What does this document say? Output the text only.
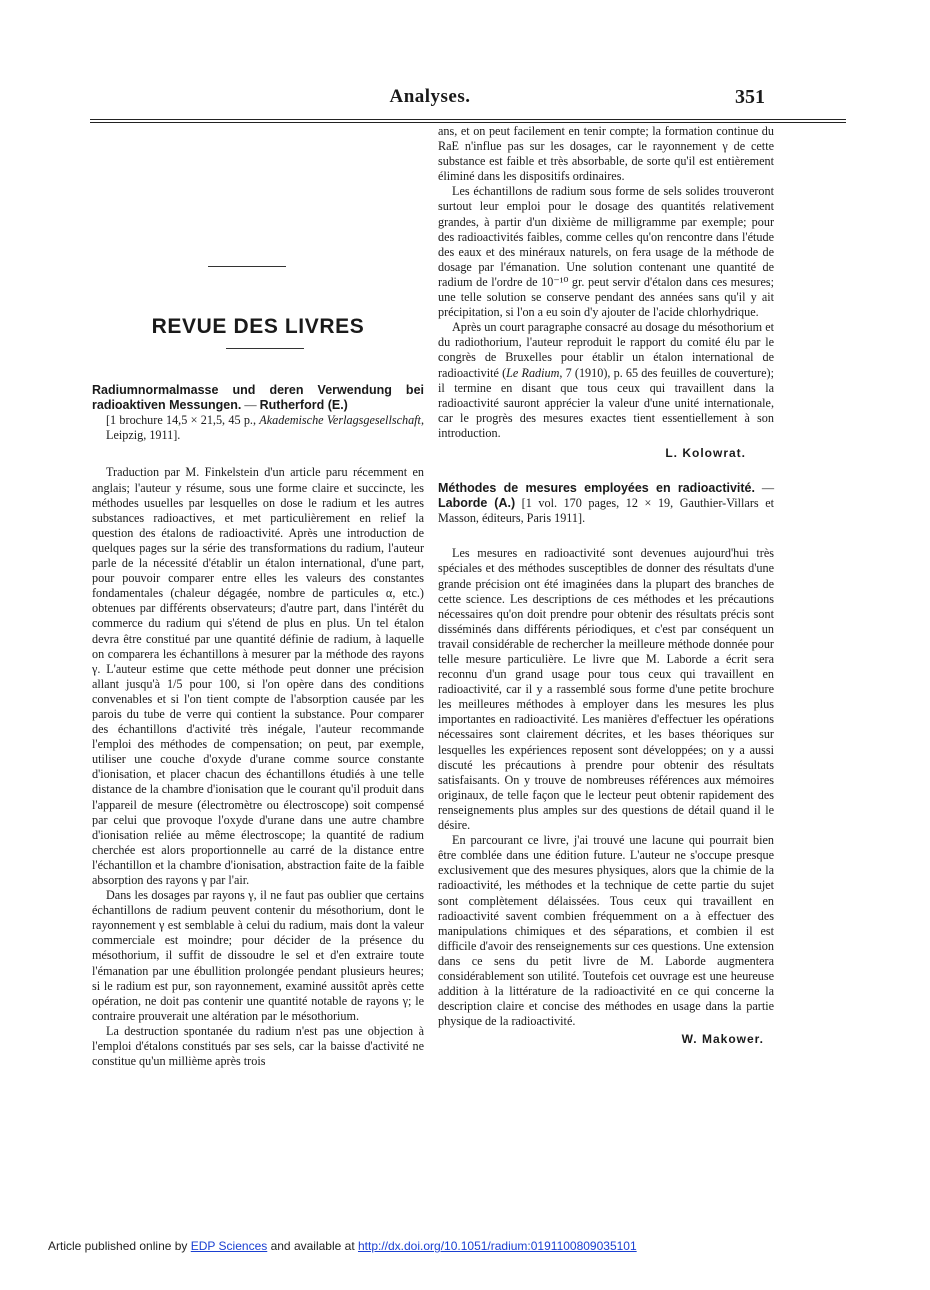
Analyses.	351
REVUE DES LIVRES

Radiumnormalmasse und deren Verwendung bei radioaktiven Messungen. — Rutherford (E.)

[1 brochure 14,5 × 21,5, 45 p., Akademische Verlagsgesellschaft, Leipzig, 1911].

Traduction par M. Finkelstein d'un article paru récemment en anglais; l'auteur y résume, sous une forme claire et succincte, les méthodes usuelles par lesquelles on dose le radium et les autres substances radioactives, et met particulièrement en relief la question des étalons de radioactivité. Après une introduction de quelques pages sur la série des transformations du radium, l'auteur parle de la nécessité d'établir un étalon international, d'une part, pour pouvoir comparer entre elles les valeurs des constantes fondamentales (chaleur dégagée, nombre de particules α, etc.) obtenues par différents observateurs; d'autre part, dans l'intérêt du commerce du radium qui s'étend de plus en plus. Un tel étalon devra être constitué par une quantité définie de radium, à laquelle on comparera les échantillons à mesurer par la méthode des rayons γ. L'auteur estime que cette méthode peut donner une précision allant jusqu'à 1/5 pour 100, si l'on opère dans des conditions convenables et si l'on tient compte de l'absorption causée par les parois du tube de verre qui contient la substance. Pour comparer des échantillons d'activité très inégale, l'auteur recommande l'emploi des méthodes de compensation; on peut, par exemple, utiliser une couche d'oxyde d'urane comme source constante d'ionisation, et placer chacun des échantillons étudiés à une telle distance de la chambre d'ionisation que le courant qu'il produit dans l'appareil de mesure (électromètre ou électroscope) soit compensé par celui que provoque l'oxyde d'urane dans une autre chambre d'ionisation reliée au même électroscope; la quantité de radium cherchée est alors proportionnelle au carré de la distance entre l'échantillon et la chambre d'ionisation, abstraction faite de la faible absorption des rayons γ par l'air.

Dans les dosages par rayons γ, il ne faut pas oublier que certains échantillons de radium peuvent contenir du mésothorium, dont le rayonnement γ est semblable à celui du radium, mais dont la valeur commerciale est moindre; pour décider de la présence du mésothorium, il suffit de dissoudre le sel et d'en extraire toute l'émanation par une ébullition prolongée pendant plusieurs heures; si le radium est pur, son rayonnement, examiné aussitôt après cette opération, ne doit pas contenir une quantité notable de rayons γ; le contraire prouverait une altération par le mésothorium.

La destruction spontanée du radium n'est pas une objection à l'emploi d'étalons constitués par ses sels, car la baisse d'activité ne constitue qu'un millième après trois

ans, et on peut facilement en tenir compte; la formation continue du RaE n'influe pas sur les dosages, car le rayonnement γ de cette substance est faible et très absorbable, de sorte qu'il est entièrement éliminé dans les dispositifs ordinaires.

Les échantillons de radium sous forme de sels solides trouveront surtout leur emploi pour le dosage des quantités relativement grandes, à partir d'un dixième de milligramme par exemple; pour des radioactivités faibles, comme celles qu'on rencontre dans l'étude des eaux et des minéraux naturels, on fera usage de la méthode de dosage par l'émanation. Une solution contenant une quantité de radium de l'ordre de 10⁻¹⁰ gr. peut servir d'étalon dans ces mesures; une telle solution se conserve pendant des années sans qu'il y ait précipitation, si l'on a eu soin d'y ajouter de l'acide chlorhydrique.

Après un court paragraphe consacré au dosage du mésothorium et du radiothorium, l'auteur reproduit le rapport du comité élu par le congrès de Bruxelles pour établir un étalon international de radioactivité (Le Radium, 7 (1910), p. 65 des feuilles de couverture); il termine en disant que tous ceux qui travaillent dans la radioactivité sauront apprécier la valeur d'une unité internationale, car le progrès des mesures exactes tient essentiellement à son introduction.

L. Kolowrat.

Méthodes de mesures employées en radioactivité. — Laborde (A.) [1 vol. 170 pages, 12 × 19, Gauthier-Villars et Masson, éditeurs, Paris 1911].

Les mesures en radioactivité sont devenues aujourd'hui très spéciales et des méthodes susceptibles de donner des résultats d'une grande précision ont été imaginées dans la plupart des branches de cette science. Les descriptions de ces méthodes et les précautions nécessaires qu'on doit prendre pour obtenir des résultats précis sont disséminés dans différents périodiques, et c'est par conséquent un travail considérable de rechercher la meilleure méthode donnée pour telle mesure particulière. Le livre que M. Laborde a écrit sera reconnu d'un grand usage pour tous ceux qui travaillent en radioactivité, car il y a rassemblé sous forme d'une petite brochure les meilleures méthodes à employer dans les mesures les plus importantes en radioactivité. Les manières d'effectuer les opérations nécessaires sont clairement décrites, et les bases théoriques sur lesquelles les expériences reposent sont développées; on y a aussi discuté les précautions à prendre pour obtenir des résultats satisfaisants. On y trouve de nombreuses références aux mémoires originaux, de telle façon que le lecteur peut obtenir rapidement des renseignements plus amples sur des questions de détail quand il le désire.

En parcourant ce livre, j'ai trouvé une lacune qui pourrait bien être comblée dans une édition future. L'auteur ne s'occupe presque exclusivement que des mesures physiques, alors que la chimie de la radioactivité, les méthodes et la technique de cette partie du sujet sont complètement délaissées. Tous ceux qui travaillent en radioactivité savent combien fréquemment on a à effectuer des manipulations chimiques et des séparations, et combien il est difficile d'avoir des renseignements sur ces questions. Une extension dans ce sens du petit livre de M. Laborde augmentera considérablement son utilité. Toutefois cet ouvrage est une heureuse addition à la littérature de la radioactivité en ce qui concerne la description claire et concise des méthodes en usage dans la partie physique de la radioactivité.

W. Makower.
Article published online by EDP Sciences and available at http://dx.doi.org/10.1051/radium:0191100809035101
